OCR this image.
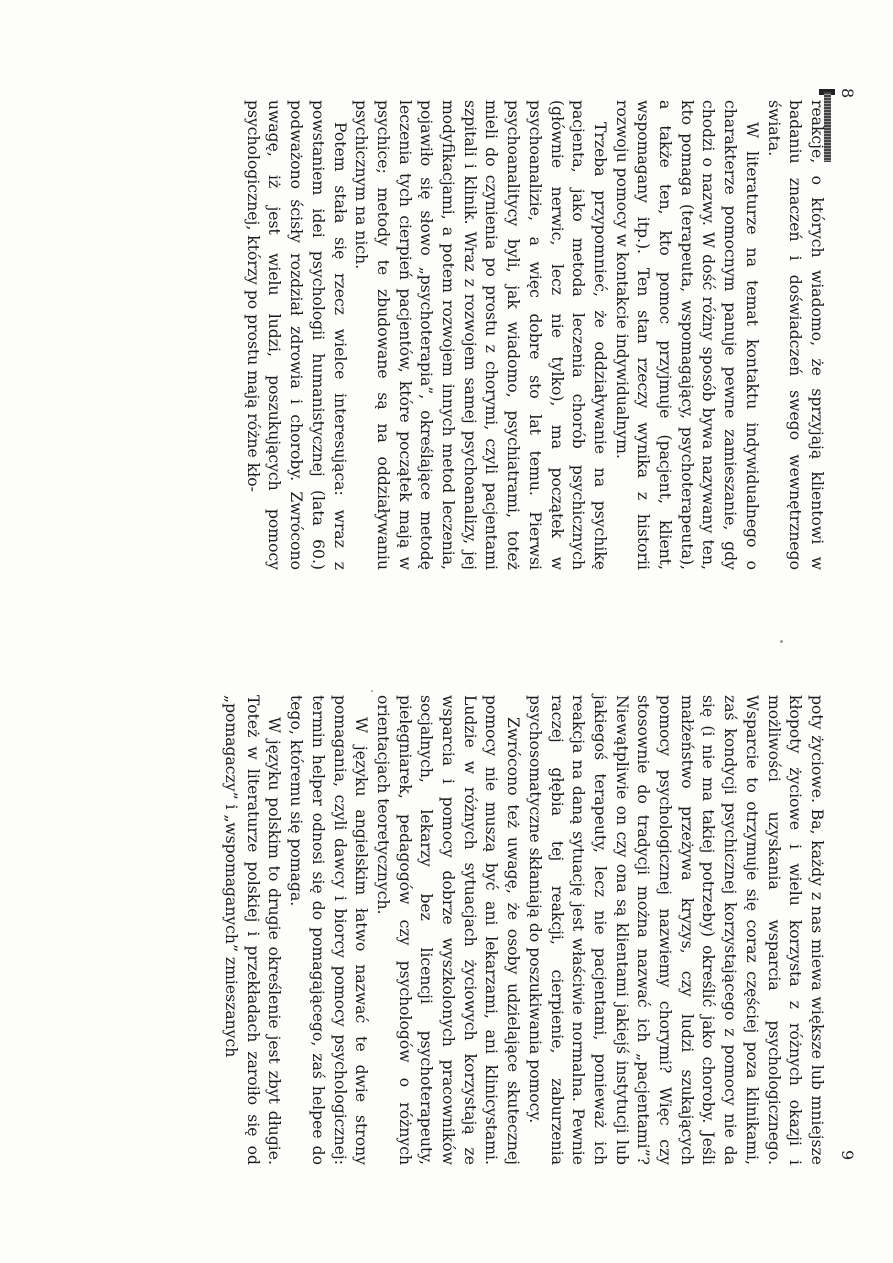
reakcje, o których wiadomo, że sprzyjają klientowi w badaniu znaczeń i doświadczeń swego wewnętrznego świata.

W literaturze na temat kontaktu indywidualnego o charakterze pomocnym panuje pewne zamieszanie, gdy chodzi o nazwy. W dość różny sposób bywa nazywany ten, kto pomaga (terapeuta, wspomagający, psychoterapeuta), a także ten, kto pomoc przyjmuje (pacjent, klient, wspomagany itp.). Ten stan rzeczy wynika z historii rozwoju pomocy w kontakcie indywidualnym.

Trzeba przypomnieć, że oddziaływanie na psychikę pacjenta, jako metoda leczenia chorób psychicznych (głównie nerwic, lecz nie tylko), ma początek w psychoanalizie, a więc dobre sto lat temu. Pierwsi psychoanalitycy byli, jak wiadomo, psychiatrami, toteż mieli do czynienia po prostu z chorymi, czyli pacjentami szpitali i klinik. Wraz z rozwojem samej psychoanalizy, jej modyfikacjami, a potem rozwojem innych metod leczenia, pojawiło się słowo „psychoterapia”, określające metodę leczenia tych cierpień pacjentów, które początek mają w psychice; metody te zbudowane są na oddziaływaniu psychicznym na nich.

Potem stała się rzecz wielce interesująca: wraz z powstaniem idei psychologii humanistycznej (lata 60.) podważono ścisły rozdział zdrowia i choroby. Zwrócono uwagę, iż jest wielu ludzi, poszukujących pomocy psychologicznej, którzy po prostu mają różne kło-

poty życiowe. Ba, każdy z nas miewa większe lub mniejsze kłopoty życiowe i wielu korzysta z różnych okazji i możliwości uzyskania wsparcia psychologicznego. Wsparcie to otrzymuje się coraz częściej poza klinikami, zaś kondycji psychicznej korzystającego z pomocy nie da się (i nie ma takiej potrzeby) określić jako choroby. Jeśli małżeństwo przeżywa kryzys, czy ludzi szukających pomocy psychologicznej nazwiemy chorymi? Więc czy stosownie do tradycji można nazwać ich „pacjentami”? Niewątpliwie on czy ona są klientami jakiejś instytucji lub jakiegoś terapeuty, lecz nie pacjentami, ponieważ ich reakcja na daną sytuację jest właściwie normalna. Pewnie raczej głębia tej reakcji, cierpienie, zaburzenia psychosomatyczne skłaniają do poszukiwania pomocy.

Zwrócono też uwagę, że osoby udzielające skutecznej pomocy nie muszą być ani lekarzami, ani klinicystami. Ludzie w różnych sytuacjach życiowych korzystają ze wsparcia i pomocy dobrze wyszkolonych pracowników socjalnych, lekarzy bez licencji psychoterapeuty, pielęgniarek, pedagogów czy psychologów o różnych orientacjach teoretycznych.

W języku angielskim łatwo nazwać te dwie strony pomagania, czyli dawcy i biorcy pomocy psychologicznej: termin helper odnosi się do pomagającego, zaś helpee do tego, któremu się pomaga.

W języku polskim to drugie określenie jest zbyt długie. Toteż w literaturze polskiej i przekładach zaroiło się od „pomagaczy” i „wspomaganych” zmieszanych

8
9
